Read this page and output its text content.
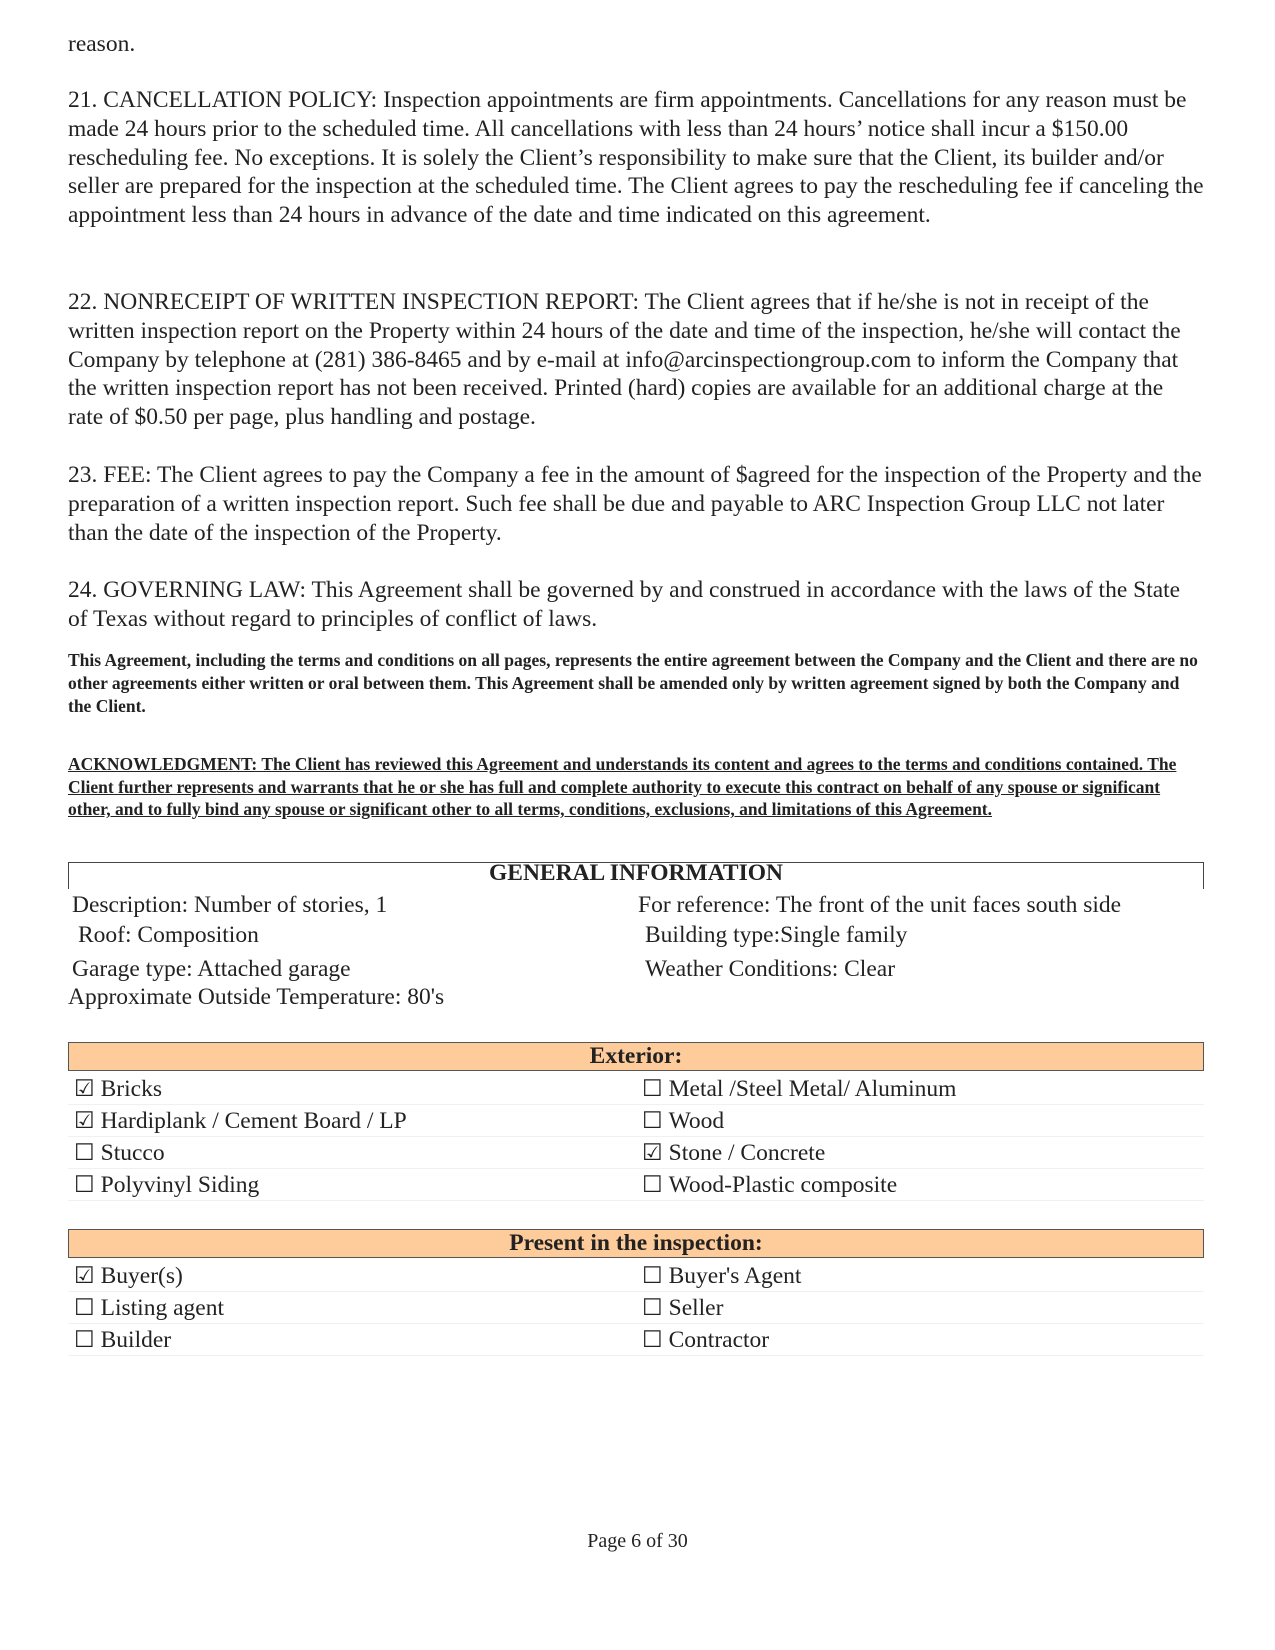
reason.

21. CANCELLATION POLICY: Inspection appointments are firm appointments. Cancellations for any reason must be made 24 hours prior to the scheduled time. All cancellations with less than 24 hours’ notice shall incur a $150.00 rescheduling fee. No exceptions. It is solely the Client’s responsibility to make sure that the Client, its builder and/or seller are prepared for the inspection at the scheduled time. The Client agrees to pay the rescheduling fee if canceling the appointment less than 24 hours in advance of the date and time indicated on this agreement.

22. NONRECEIPT OF WRITTEN INSPECTION REPORT: The Client agrees that if he/she is not in receipt of the written inspection report on the Property within 24 hours of the date and time of the inspection, he/she will contact the Company by telephone at (281) 386-8465 and by e-mail at info@arcinspectiongroup.com to inform the Company that the written inspection report has not been received. Printed (hard) copies are available for an additional charge at the rate of $0.50 per page, plus handling and postage.

23. FEE: The Client agrees to pay the Company a fee in the amount of $agreed for the inspection of the Property and the preparation of a written inspection report. Such fee shall be due and payable to ARC Inspection Group LLC not later than the date of the inspection of the Property.

24. GOVERNING LAW: This Agreement shall be governed by and construed in accordance with the laws of the State of Texas without regard to principles of conflict of laws.

This Agreement, including the terms and conditions on all pages, represents the entire agreement between the Company and the Client and there are no other agreements either written or oral between them. This Agreement shall be amended only by written agreement signed by both the Company and the Client.

ACKNOWLEDGMENT: The Client has reviewed this Agreement and understands its content and agrees to the terms and conditions contained. The Client further represents and warrants that he or she has full and complete authority to execute this contract on behalf of any spouse or significant other, and to fully bind any spouse or significant other to all terms, conditions, exclusions, and limitations of this Agreement.

GENERAL INFORMATION
Description: Number of stories, 1	For reference: The front of the unit faces south side
Roof: Composition	Building type:Single family
Garage type: Attached garage	Weather Conditions: Clear
Approximate Outside Temperature: 80's
Exterior:
☑ Bricks	☐ Metal /Steel Metal/ Aluminum
☑ Hardiplank / Cement Board / LP	☐ Wood
☐ Stucco	☑ Stone / Concrete
☐ Polyvinyl Siding	☐ Wood-Plastic composite
Present in the inspection:
☑ Buyer(s)	☐ Buyer's Agent
☐ Listing agent	☐ Seller
☐ Builder	☐ Contractor
Page 6 of 30
